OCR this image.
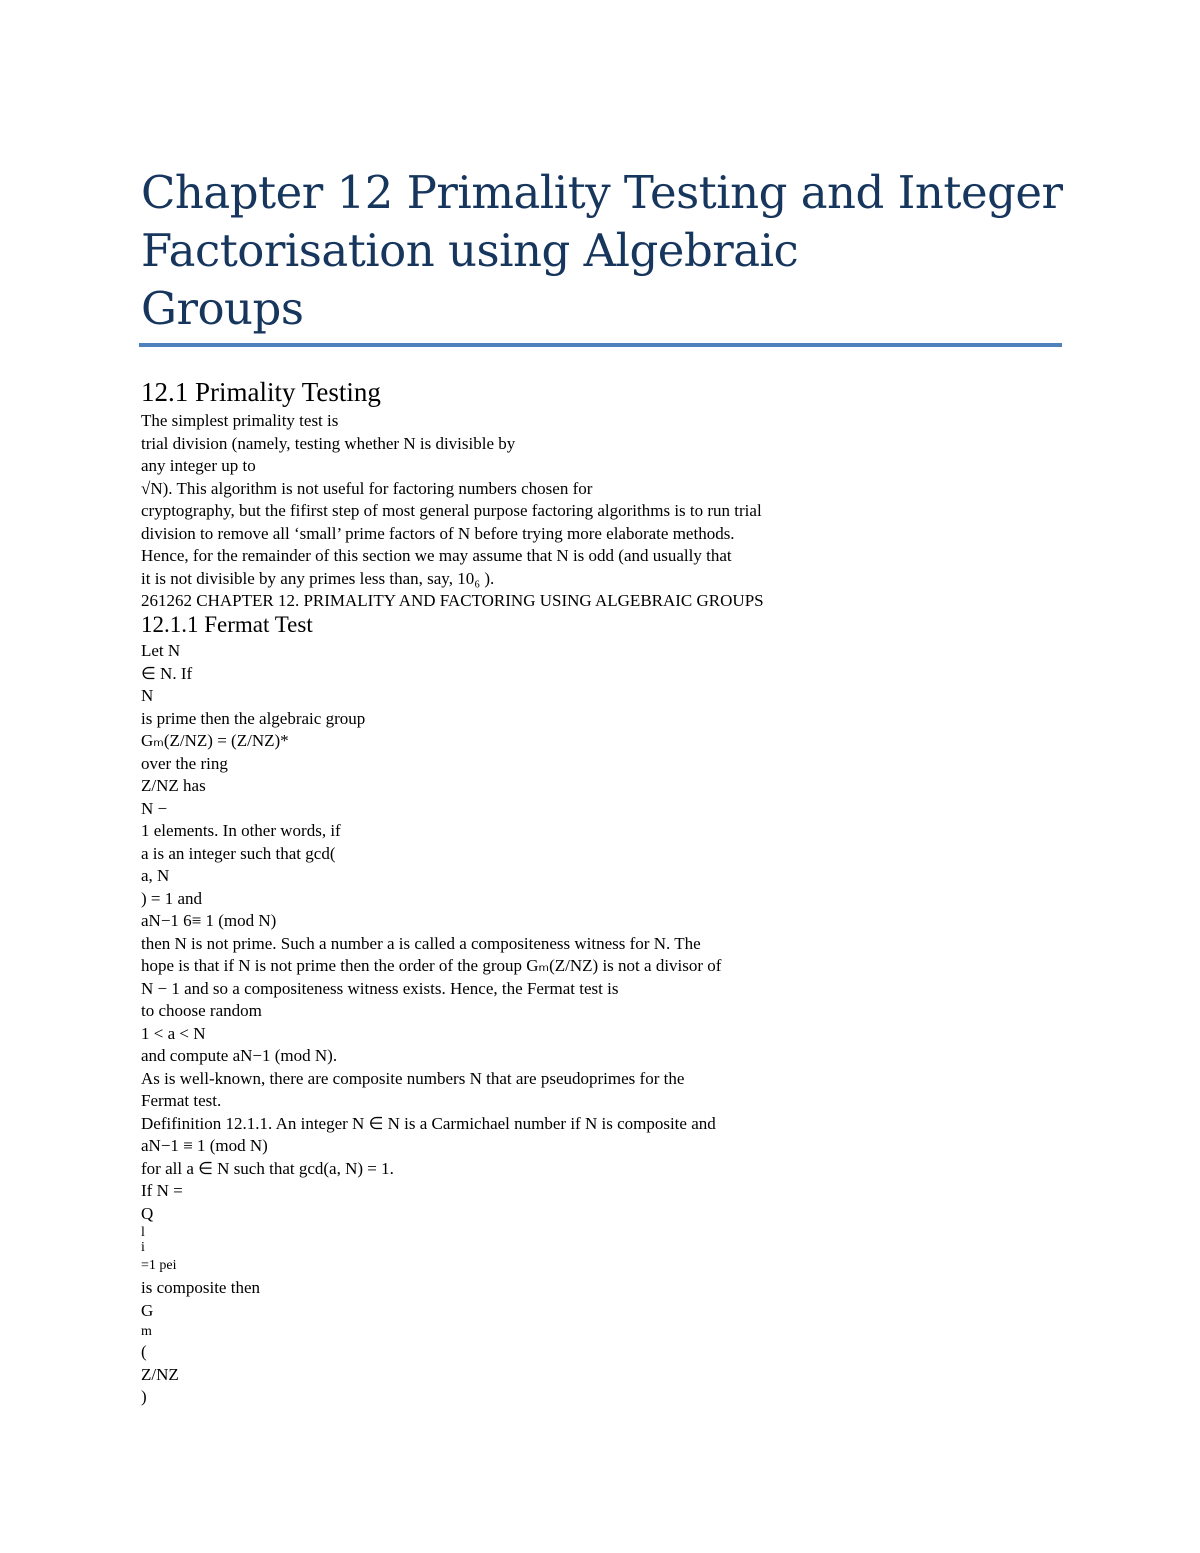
Chapter 12 Primality Testing and Integer
Factorisation using Algebraic
Groups
12.1 Primality Testing
The simplest primality test is
trial division (namely, testing whether N is divisible by
any integer up to
√N). This algorithm is not useful for factoring numbers chosen for
cryptography, but the fifirst step of most general purpose factoring algorithms is to run trial
division to remove all ‘small’ prime factors of N before trying more elaborate methods.
Hence, for the remainder of this section we may assume that N is odd (and usually that
it is not divisible by any primes less than, say, 10₆ ).
261262 CHAPTER 12. PRIMALITY AND FACTORING USING ALGEBRAIC GROUPS
12.1.1 Fermat Test
Let N
∈ N. If
N
is prime then the algebraic group
Gₘ(Z/NZ) = (Z/NZ)*
over the ring
Z/NZ has
N −
1 elements. In other words, if
a is an integer such that gcd(
a, N
) = 1 and
aN−1 6≡ 1 (mod N)
then N is not prime. Such a number a is called a compositeness witness for N. The
hope is that if N is not prime then the order of the group Gₘ(Z/NZ) is not a divisor of
N − 1 and so a compositeness witness exists. Hence, the Fermat test is
to choose random
1 < a < N
and compute aN−1 (mod N).
As is well-known, there are composite numbers N that are pseudoprimes for the
Fermat test.
Defifinition 12.1.1. An integer N ∈ N is a Carmichael number if N is composite and
aN−1 ≡ 1 (mod N)
for all a ∈ N such that gcd(a, N) = 1.
If N =
Q
l
i
=1 pei
is composite then
G
m
(
Z/NZ
)
